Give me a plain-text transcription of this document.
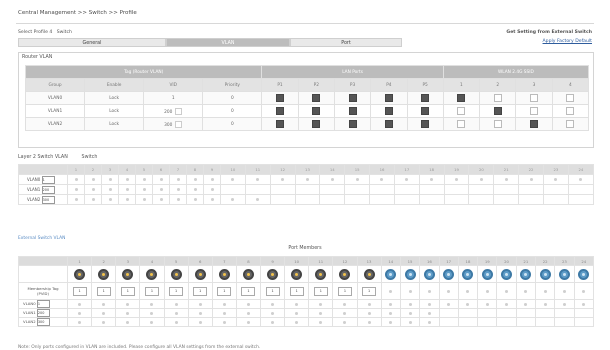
Central Management >> Switch >> Profile
Select Profile 4 Switch	Get Setting from External Switch
Apply Factory Default
General	VLAN	Port
Router VLAN
Tag (Router VLAN)				LAN Ports					WLAN 2.4G SSID			
Group	Enable	VID	Priority	P1	P2	P3	P4	P5	1	2	3	4
VLAN0	Lock	1	0									
VLAN1	Lock	200	0									
VLAN2	Lock	300	0									
Layer 2 Switch VLAN	Switch
	1	2	3	4	5	6	7	8	9	10	11	12	13	14	15	16	17	18	19	20	21	22	23	24
VLAN0 1																								
VLAN1 200																								
VLAN2 300																								
External Switch VLAN
Port Members
	1	2	3	4	5	6	7	8	9	10	11	12	13	14	15	16	17	18	19	20	21	22	23	24

Membership Tag
(PVID)	1	1	1	1	1	1	1	1	1	1	1	1	1											
VLAN0 1																								
VLAN1 200																								
VLAN2 300																								
Note: Only ports configured in VLAN are included. Please configure all VLAN settings from the external switch.
